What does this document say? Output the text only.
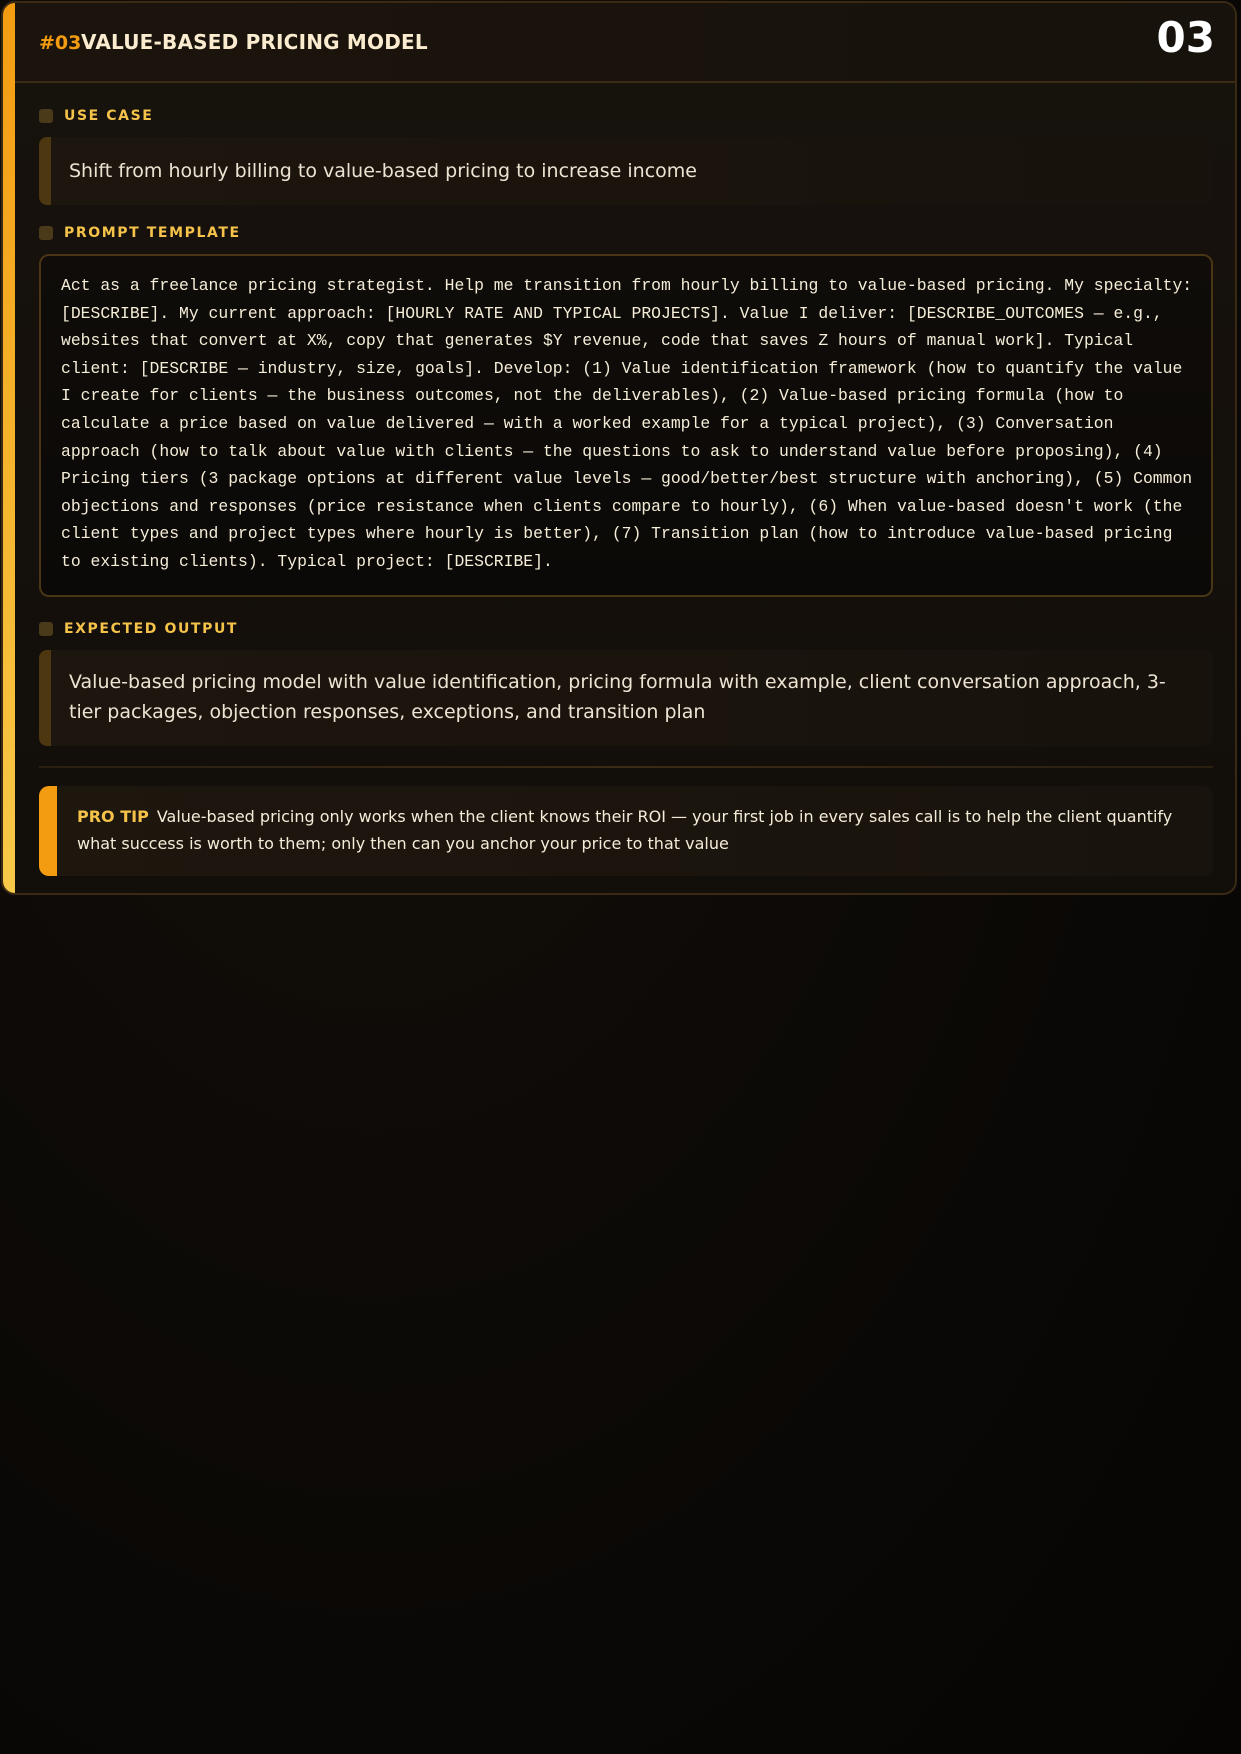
#03 VALUE-BASED PRICING MODEL	03
USE CASE
Shift from hourly billing to value-based pricing to increase income
PROMPT TEMPLATE
Act as a freelance pricing strategist. Help me transition from hourly billing to value-based pricing. My specialty: [DESCRIBE]. My current approach: [HOURLY RATE AND TYPICAL PROJECTS]. Value I deliver: [DESCRIBE_OUTCOMES — e.g., websites that convert at X%, copy that generates $Y revenue, code that saves Z hours of manual work]. Typical client: [DESCRIBE — industry, size, goals]. Develop: (1) Value identification framework (how to quantify the value I create for clients — the business outcomes, not the deliverables), (2) Value-based pricing formula (how to calculate a price based on value delivered — with a worked example for a typical project), (3) Conversation approach (how to talk about value with clients — the questions to ask to understand value before proposing), (4) Pricing tiers (3 package options at different value levels — good/better/best structure with anchoring), (5) Common objections and responses (price resistance when clients compare to hourly), (6) When value-based doesn't work (the client types and project types where hourly is better), (7) Transition plan (how to introduce value-based pricing to existing clients). Typical project: [DESCRIBE].
EXPECTED OUTPUT
Value-based pricing model with value identification, pricing formula with example, client conversation approach, 3-tier packages, objection responses, exceptions, and transition plan
PRO TIP Value-based pricing only works when the client knows their ROI — your first job in every sales call is to help the client quantify what success is worth to them; only then can you anchor your price to that value
